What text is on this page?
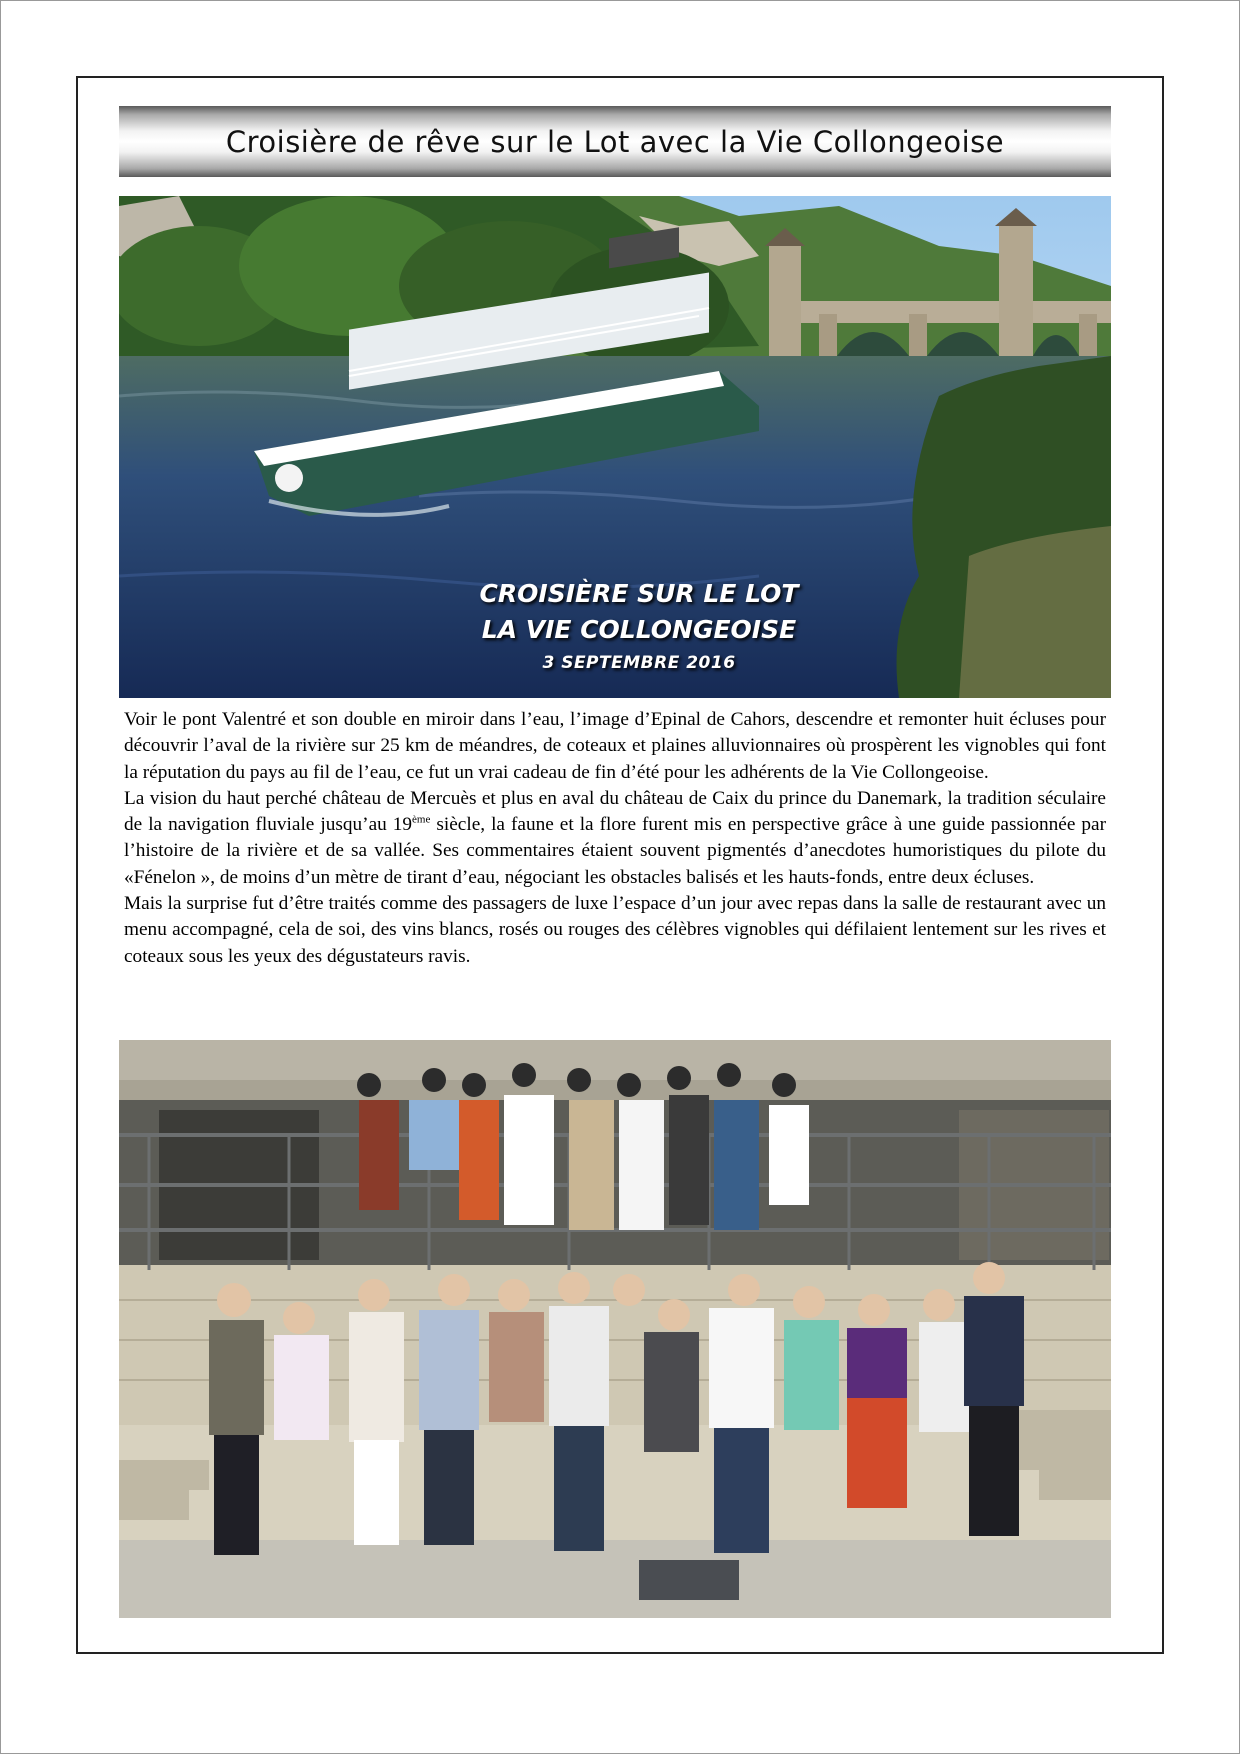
Croisière de rêve sur le Lot avec la Vie Collongeoise
CROISIÈRE SUR LE LOT
LA VIE COLLONGEOISE
3 SEPTEMBRE 2016

Voir le pont Valentré et son double en miroir dans l’eau, l’image d’Epinal de Cahors, descendre et remonter huit écluses pour découvrir l’aval de la rivière sur 25 km de méandres, de coteaux et plaines alluvionnaires où prospèrent les vignobles qui font la réputation du pays au fil de l’eau, ce fut un vrai cadeau de fin d’été pour les adhérents de la Vie Collongeoise.

La vision du haut perché château de Mercuès et plus en aval du château de Caix du prince du Danemark, la tradition séculaire de la navigation fluviale jusqu’au 19ème siècle, la faune et la flore furent mis en perspective grâce à une guide passionnée par l’histoire de la rivière et de sa vallée. Ses commentaires étaient souvent pigmentés d’anecdotes humoristiques du pilote du «Fénelon », de moins d’un mètre de tirant d’eau, négociant les obstacles balisés et les hauts-fonds, entre deux écluses.

Mais la surprise fut d’être traités comme des passagers de luxe l’espace d’un jour avec repas dans la salle de restaurant avec un menu accompagné, cela de soi, des vins blancs, rosés ou rouges des célèbres vignobles qui défilaient lentement sur les rives et coteaux sous les yeux des dégustateurs ravis.
